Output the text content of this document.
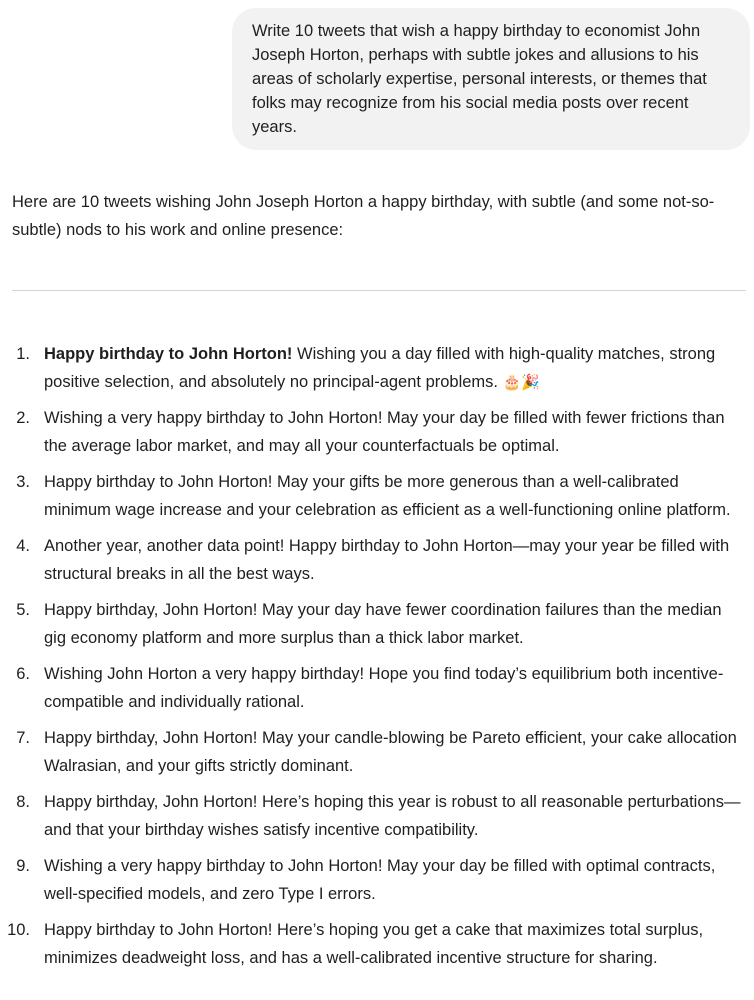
Write 10 tweets that wish a happy birthday to economist John Joseph Horton, perhaps with subtle jokes and allusions to his areas of scholarly expertise, personal interests, or themes that folks may recognize from his social media posts over recent years.

Here are 10 tweets wishing John Joseph Horton a happy birthday, with subtle (and some not-so-subtle) nods to his work and online presence:

1. Happy birthday to John Horton! Wishing you a day filled with high-quality matches, strong positive selection, and absolutely no principal-agent problems. 🎂🎉
2. Wishing a very happy birthday to John Horton! May your day be filled with fewer frictions than the average labor market, and may all your counterfactuals be optimal.
3. Happy birthday to John Horton! May your gifts be more generous than a well-calibrated minimum wage increase and your celebration as efficient as a well-functioning online platform.
4. Another year, another data point! Happy birthday to John Horton—may your year be filled with structural breaks in all the best ways.
5. Happy birthday, John Horton! May your day have fewer coordination failures than the median gig economy platform and more surplus than a thick labor market.
6. Wishing John Horton a very happy birthday! Hope you find today’s equilibrium both incentive-compatible and individually rational.
7. Happy birthday, John Horton! May your candle-blowing be Pareto efficient, your cake allocation Walrasian, and your gifts strictly dominant.
8. Happy birthday, John Horton! Here’s hoping this year is robust to all reasonable perturbations—and that your birthday wishes satisfy incentive compatibility.
9. Wishing a very happy birthday to John Horton! May your day be filled with optimal contracts, well-specified models, and zero Type I errors.
10. Happy birthday to John Horton! Here’s hoping you get a cake that maximizes total surplus, minimizes deadweight loss, and has a well-calibrated incentive structure for sharing.
